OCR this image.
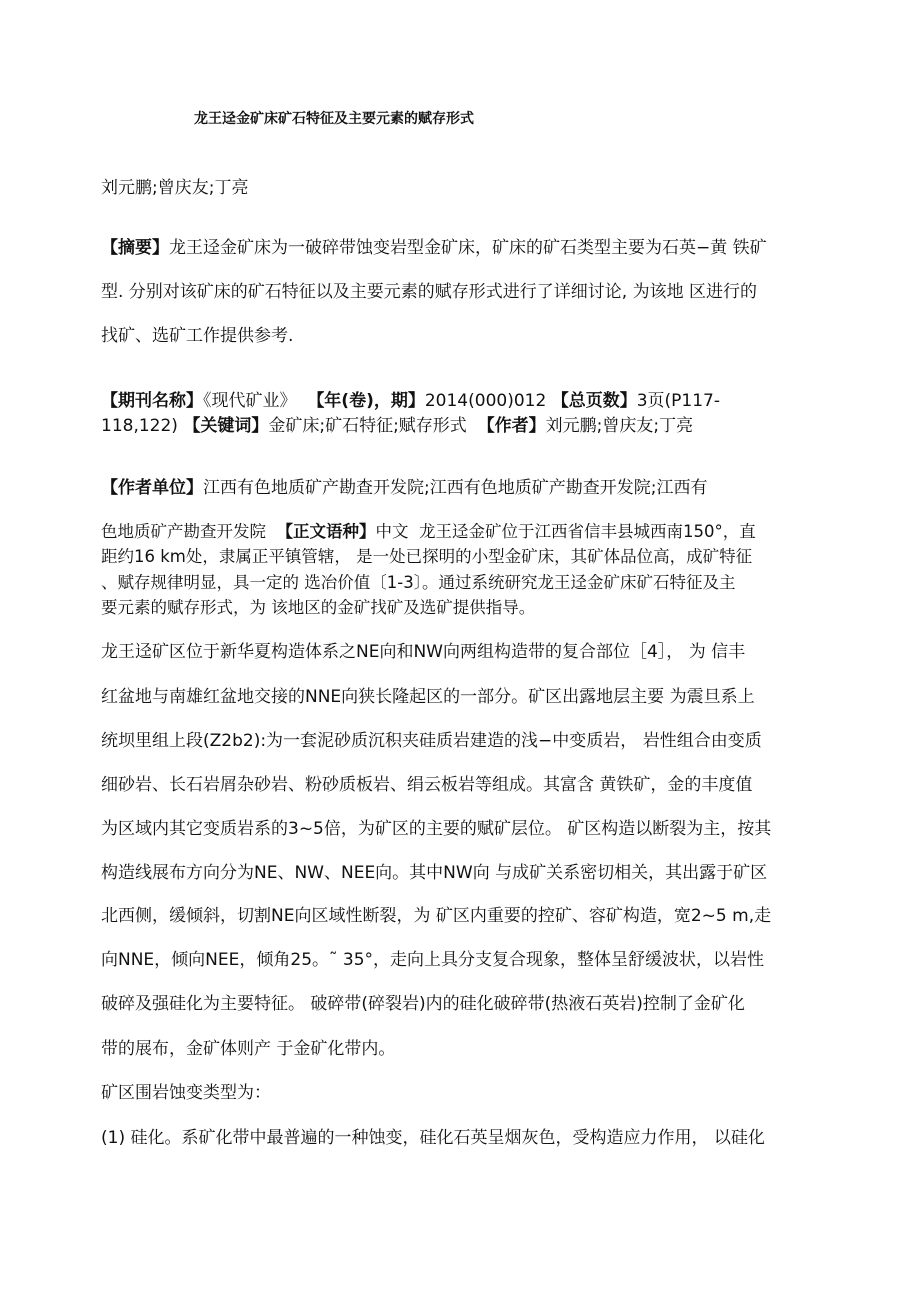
龙王迳金矿床矿石特征及主要元素的赋存形式
刘元鹏;曾庆友;丁亮
【摘要】龙王迳金矿床为一破碎带蚀变岩型金矿床，矿床的矿石类型主要为石英−黄 铁矿
型. 分别对该矿床的矿石特征以及主要元素的赋存形式进行了详细讨论, 为该地 区进行的
找矿、选矿工作提供参考.
【期刊名称】《现代矿业》 【年(卷)，期】2014(000)012 【总页数】3页(P117-
118,122) 【关键词】金矿床;矿石特征;赋存形式 【作者】刘元鹏;曾庆友;丁亮
【作者单位】江西有色地质矿产勘查开发院;江西有色地质矿产勘查开发院;江西有
色地质矿产勘查开发院 【正文语种】中文 龙王迳金矿位于江西省信丰县城西南150°，直
距约16 km处，隶属正平镇管辖， 是一处已探明的小型金矿床，其矿体品位高，成矿特征
、赋存规律明显，具一定的 选冶价值〔1-3〕。通过系统研究龙王迳金矿床矿石特征及主
要元素的赋存形式，为 该地区的金矿找矿及选矿提供指导。
龙王迳矿区位于新华夏构造体系之NE向和NW向两组构造带的复合部位［4］， 为 信丰
红盆地与南雄红盆地交接的NNE向狭长隆起区的一部分。矿区出露地层主要 为震旦系上
统坝里组上段(Z2b2):为一套泥砂质沉积夹硅质岩建造的浅−中变质岩， 岩性组合由变质
细砂岩、长石岩屑杂砂岩、粉砂质板岩、绢云板岩等组成。其富含 黄铁矿，金的丰度值
为区域内其它变质岩系的3~5倍，为矿区的主要的赋矿层位。 矿区构造以断裂为主，按其
构造线展布方向分为NE、NW、NEE向。其中NW向 与成矿关系密切相关，其出露于矿区
北西侧，缓倾斜，切割NE向区域性断裂，为 矿区内重要的控矿、容矿构造，宽2~5 m,走
向NNE，倾向NEE，倾角25。˜ 35°，走向上具分支复合现象，整体呈舒缓波状，以岩性
破碎及强硅化为主要特征。 破碎带(碎裂岩)内的硅化破碎带(热液石英岩)控制了金矿化
带的展布，金矿体则产 于金矿化带内。
矿区围岩蚀变类型为：
(1) 硅化。系矿化带中最普遍的一种蚀变，硅化石英呈烟灰色，受构造应力作用， 以硅化
